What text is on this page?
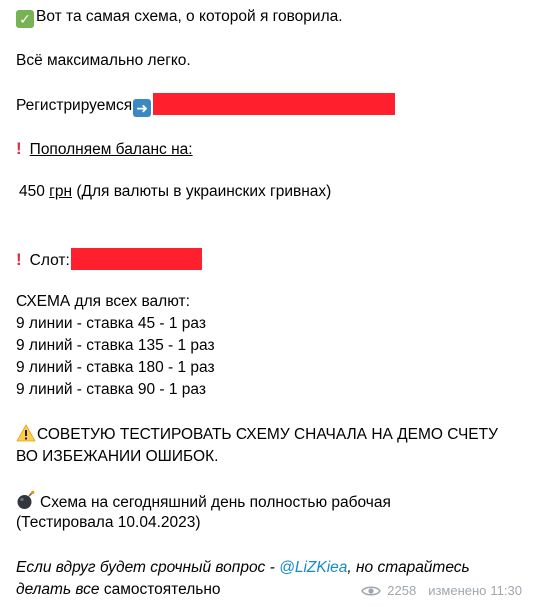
✓ Вот та самая схема, о которой я говорила.
Всё максимально легко.
Регистрируемся ➜
! Пополняем баланс на:
450 грн (Для валюты в украинских гривнах)
! Слот:
СХЕМА для всех валют:
9 линии - ставка 45 - 1 раз
9 линий - ставка 135 - 1 раз
9 линий - ставка 180 - 1 раз
9 линий - ставка 90 - 1 раз
СОВЕТУЮ ТЕСТИРОВАТЬ СХЕМУ СНАЧАЛА НА ДЕМО СЧЕТУ
ВО ИЗБЕЖАНИИ ОШИБОК.
Схема на сегодняшний день полностью рабочая
(Тестировала 10.04.2023)
Если вдруг будет срочный вопрос - @LiZKiea, но старайтесь
делать все самостоятельно	2258 изменено 11:30
